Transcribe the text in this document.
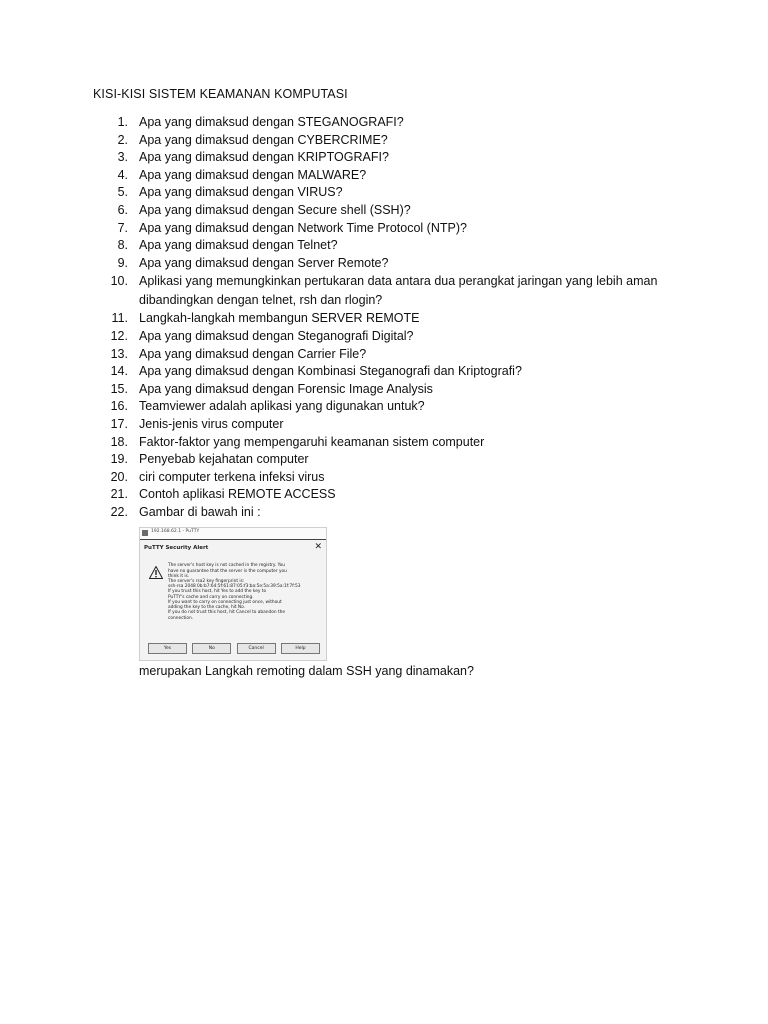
KISI-KISI SISTEM KEAMANAN KOMPUTASI
1. Apa yang dimaksud dengan STEGANOGRAFI?
2. Apa yang dimaksud dengan CYBERCRIME?
3. Apa yang dimaksud dengan KRIPTOGRAFI?
4. Apa yang dimaksud dengan MALWARE?
5. Apa yang dimaksud dengan VIRUS?
6. Apa yang dimaksud dengan Secure shell (SSH)?
7. Apa yang dimaksud dengan Network Time Protocol (NTP)?
8. Apa yang dimaksud dengan Telnet?
9. Apa yang dimaksud dengan Server Remote?
10. Aplikasi yang memungkinkan pertukaran data antara dua perangkat jaringan yang lebih aman dibandingkan dengan telnet, rsh dan rlogin?
11. Langkah-langkah membangun SERVER REMOTE
12. Apa yang dimaksud dengan Steganografi Digital?
13. Apa yang dimaksud dengan Carrier File?
14. Apa yang dimaksud dengan Kombinasi Steganografi dan Kriptografi?
15. Apa yang dimaksud dengan Forensic Image Analysis
16. Teamviewer adalah aplikasi yang digunakan untuk?
17. Jenis-jenis virus computer
18. Faktor-faktor yang mempengaruhi keamanan sistem computer
19. Penyebab kejahatan computer
20. ciri computer terkena infeksi virus
21. Contoh aplikasi REMOTE ACCESS
22. Gambar di bawah ini :
192.168.62.1 - PuTTY
PuTTY Security Alert	✕
The server's host key is not cached in the registry. You
have no guarantee that the server is the computer you
think it is.
The server's rsa2 key fingerprint is:
ssh-rsa 2048 0b:b7:64:5f:61:87:05:f3:ba:5e:5a:39:5a:1f:7f:53
If you trust this host, hit Yes to add the key to
PuTTY's cache and carry on connecting.
If you want to carry on connecting just once, without
adding the key to the cache, hit No.
If you do not trust this host, hit Cancel to abandon the
connection.
Yes	No	Cancel	Help
merupakan Langkah remoting dalam SSH yang dinamakan?
